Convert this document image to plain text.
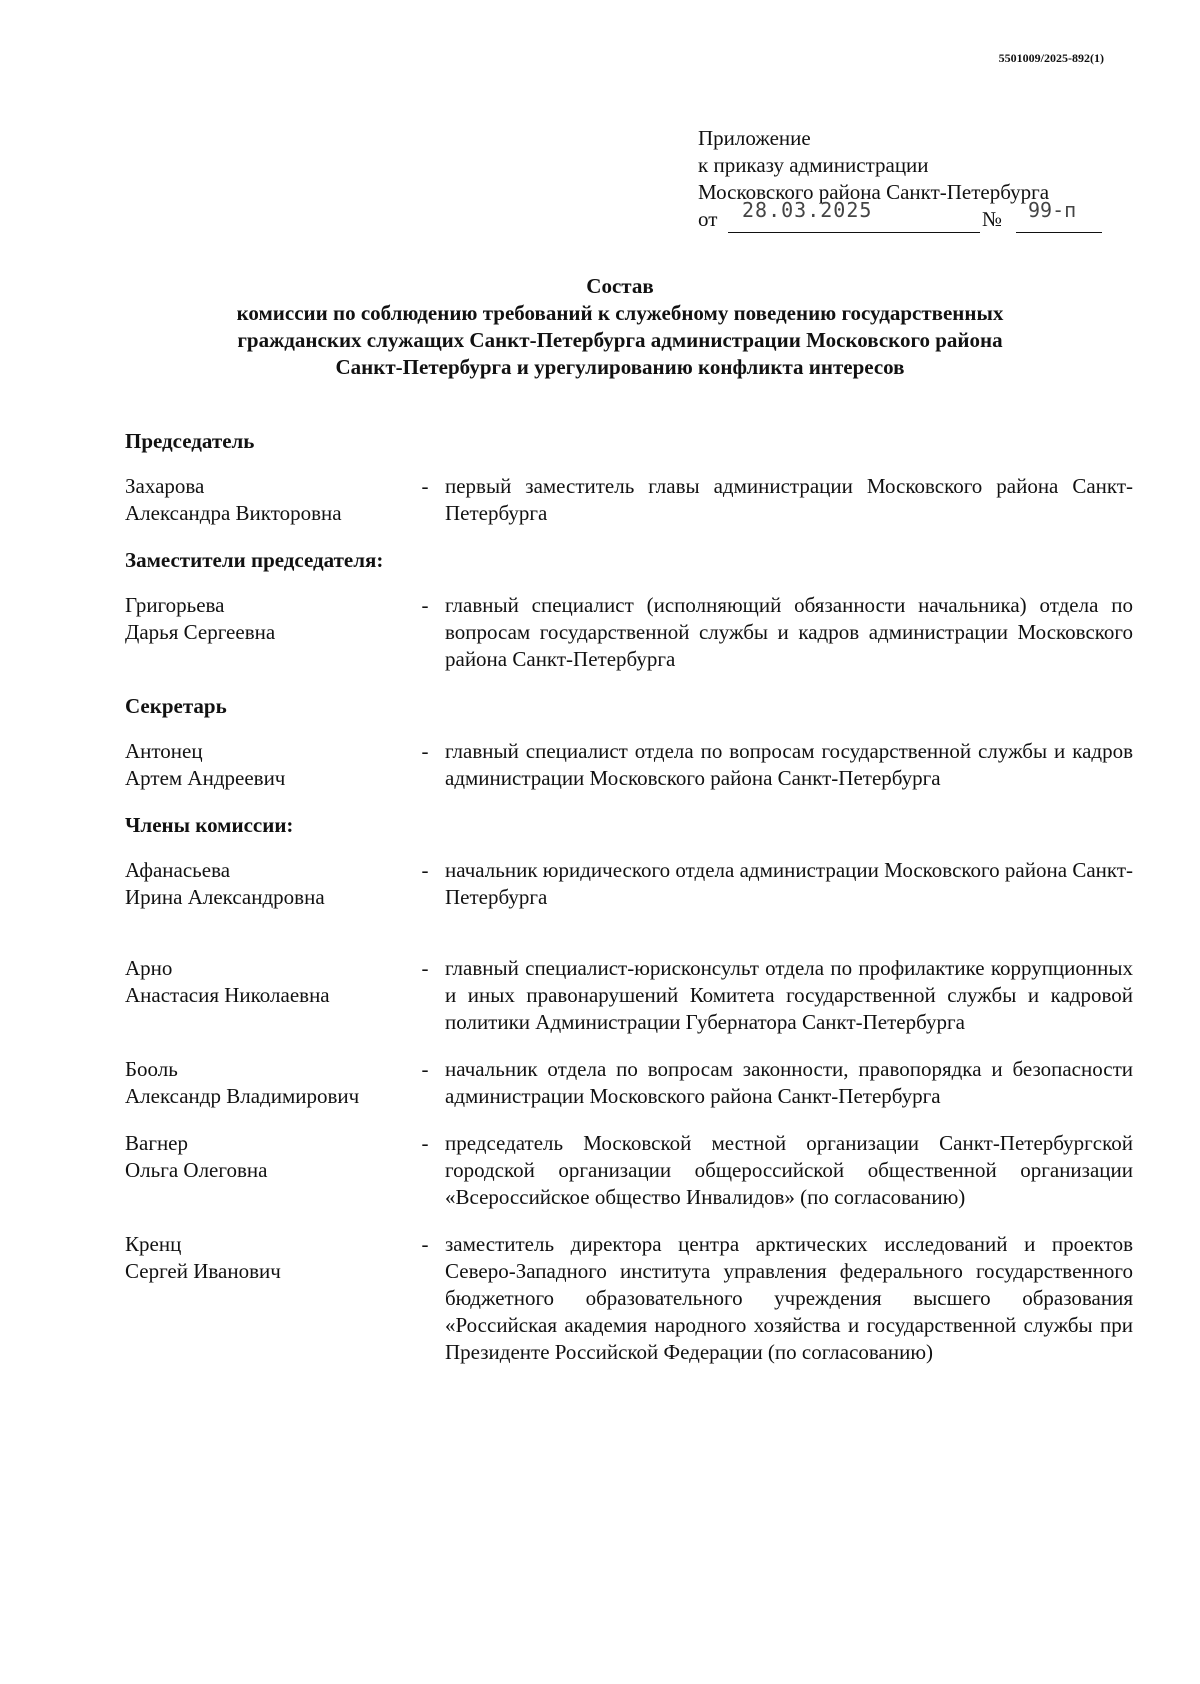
5501009/2025-892(1)
Приложение
к приказу администрации
Московского района Санкт-Петербурга
от 28.03.2025	№ 99-п
Состав
комиссии по соблюдению требований к служебному поведению государственных
гражданских служащих Санкт-Петербурга администрации Московского района
Санкт-Петербурга и урегулированию конфликта интересов
Председатель
Захарова
Александра Викторовна
- первый заместитель главы администрации Московского района Санкт-Петербурга
Заместители председателя:
Григорьева
Дарья Сергеевна
- главный специалист (исполняющий обязанности начальника) отдела по вопросам государственной службы и кадров администрации Московского района Санкт-Петербурга
Секретарь
Антонец
Артем Андреевич
- главный специалист отдела по вопросам государственной службы и кадров администрации Московского района Санкт-Петербурга
Члены комиссии:
Афанасьева
Ирина Александровна
- начальник юридического отдела администрации Московского района Санкт-Петербурга
Арно
Анастасия Николаевна
- главный специалист-юрисконсульт отдела по профилактике коррупционных и иных правонарушений Комитета государственной службы и кадровой политики Администрации Губернатора Санкт-Петербурга
Бооль
Александр Владимирович
- начальник отдела по вопросам законности, правопорядка и безопасности администрации Московского района Санкт-Петербурга
Вагнер
Ольга Олеговна
- председатель Московской местной организации Санкт-Петербургской городской организации общероссийской общественной организации «Всероссийское общество Инвалидов» (по согласованию)
Кренц
Сергей Иванович
- заместитель директора центра арктических исследований и проектов Северо-Западного института управления федерального государственного бюджетного образовательного учреждения высшего образования «Российская академия народного хозяйства и государственной службы при Президенте Российской Федерации (по согласованию)
